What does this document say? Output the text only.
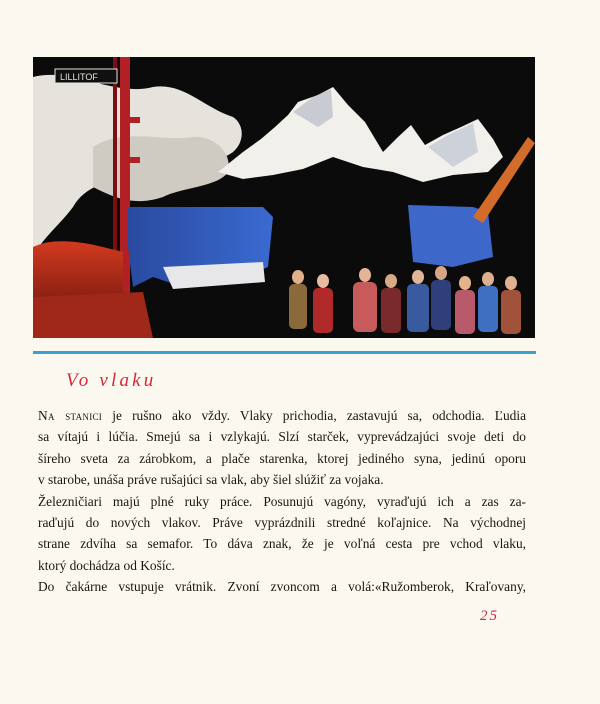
LILLITOF
Vo vlaku

Na stanici je rušno ako vždy. Vlaky prichodia, zastavujú sa, odchodia. Ľudia
sa vítajú i lúčia. Smejú sa i vzlykajú. Slzí starček, vyprevádzajúci svoje deti do
šíreho sveta za zárobkom, a plače starenka, ktorej jediného syna, jedinú oporu
v starobe, unáša práve rušajúci sa vlak, aby šiel slúžiť za vojaka.

Železničiari majú plné ruky práce. Posunujú vagóny, vyraďujú ich a zas za-
raďujú do nových vlakov. Práve vyprázdnili stredné koľajnice. Na východnej
strane zdvíha sa semafor. To dáva znak, že je voľná cesta pre vchod vlaku,
ktorý dochádza od Košíc.

Do čakárne vstupuje vrátnik. Zvoní zvoncom a volá:«Ružomberok, Kraľovany,

25
